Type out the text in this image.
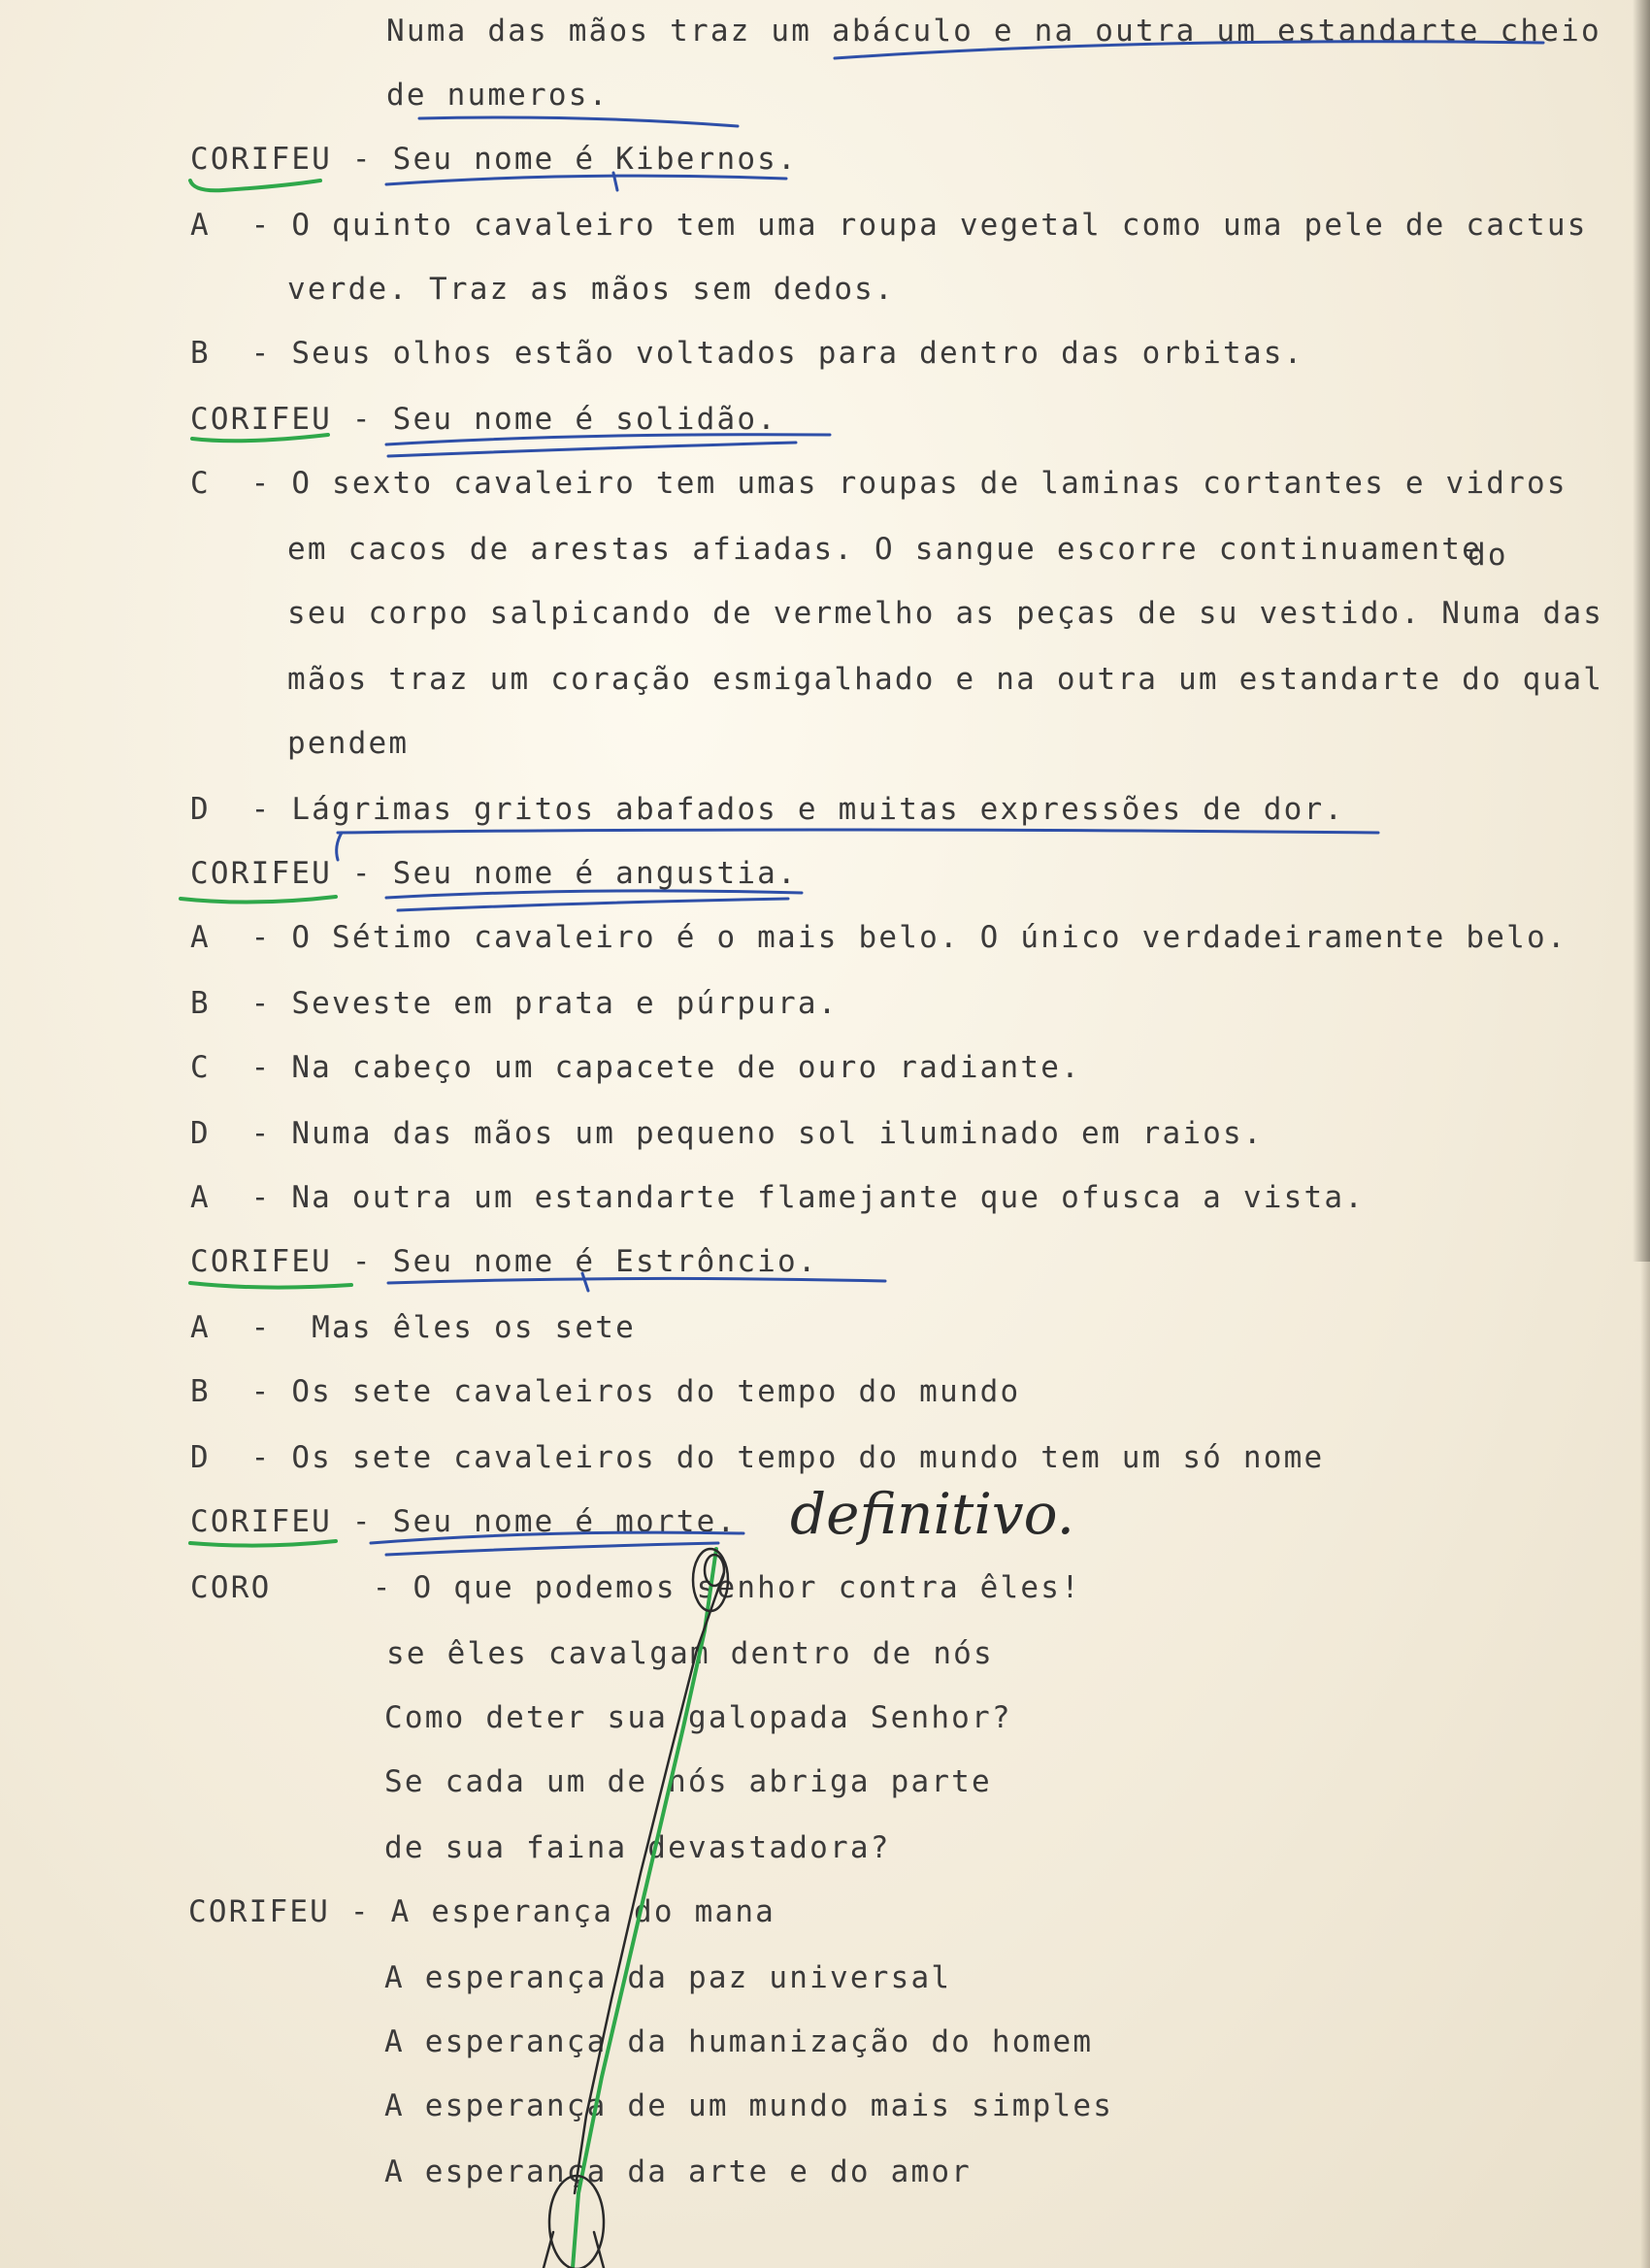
Numa das mãos traz um abáculo e na outra um estandarte cheio
de numeros.
CORIFEU - Seu nome é Kibernos.
A  - O quinto cavaleiro tem uma roupa vegetal como uma pele de cactus
verde. Traz as mãos sem dedos.
B  - Seus olhos estão voltados para dentro das orbitas.
CORIFEU - Seu nome é solidão.
C  - O sexto cavaleiro tem umas roupas de laminas cortantes e vidros
em cacos de arestas afiadas. O sangue escorre continuamente
do
seu corpo salpicando de vermelho as peças de su vestido. Numa das
mãos traz um coração esmigalhado e na outra um estandarte do qual
pendem
D  - Lágrimas gritos abafados e muitas expressões de dor.
CORIFEU - Seu nome é angustia.
A  - O Sétimo cavaleiro é o mais belo. O único verdadeiramente belo.
B  - Seveste em prata e púrpura.
C  - Na cabeço um capacete de ouro radiante.
D  - Numa das mãos um pequeno sol iluminado em raios.
A  - Na outra um estandarte flamejante que ofusca a vista.
CORIFEU - Seu nome é Estrôncio.
A  -  Mas êles os sete
B  - Os sete cavaleiros do tempo do mundo
D  - Os sete cavaleiros do tempo do mundo tem um só nome
CORIFEU - Seu nome é morte.
CORO     - O que podemos senhor contra êles!
se êles cavalgam dentro de nós
Como deter sua galopada Senhor?
Se cada um de nós abriga parte
de sua faina devastadora?
CORIFEU - A esperança do mana
A esperança da paz universal
A esperança da humanização do homem
A esperança de um mundo mais simples
A esperança da arte e do amor
definitivo.
